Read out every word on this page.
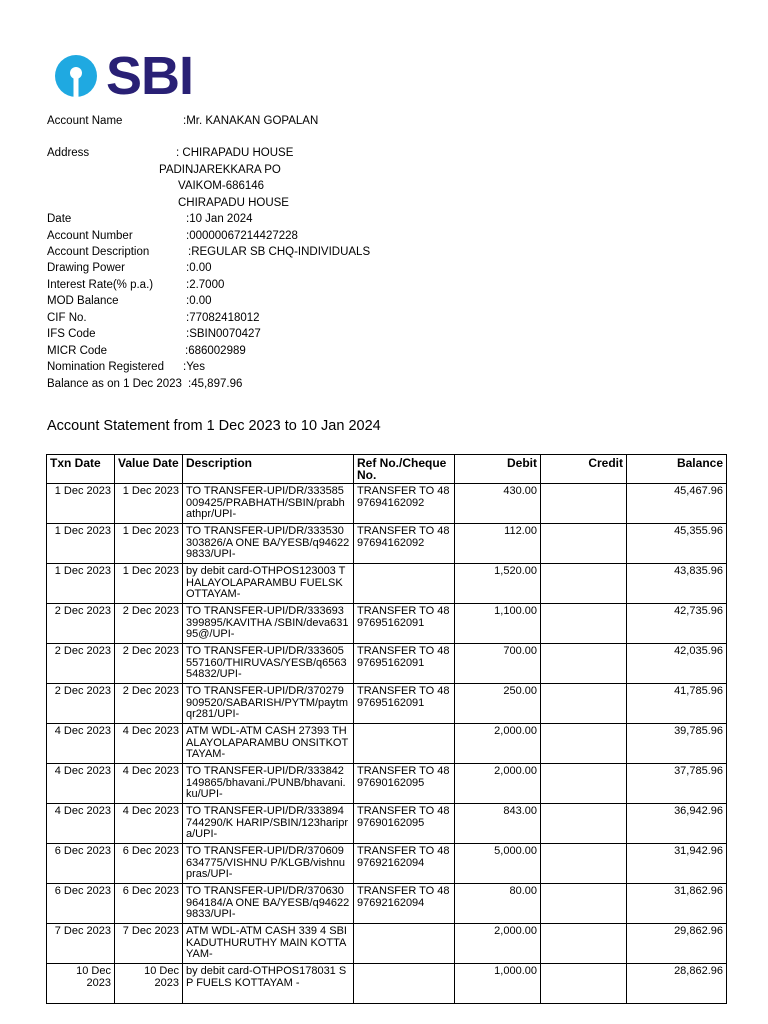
SBI
Account Name	:Mr. KANAKAN GOPALAN
Address	: CHIRAPADU HOUSE
PADINJAREKKARA PO
VAIKOM-686146
CHIRAPADU HOUSE
Date	:10 Jan 2024
Account Number	:00000067214427228
Account Description	:REGULAR SB CHQ-INDIVIDUALS
Drawing Power	:0.00
Interest Rate(% p.a.)	:2.7000
MOD Balance	:0.00
CIF No.	:77082418012
IFS Code	:SBIN0070427
MICR Code	:686002989
Nomination Registered :Yes
Balance as on 1 Dec 2023 :45,897.96
Account Statement from 1 Dec 2023 to 10 Jan 2024
Txn Date	Value Date	Description	Ref No./Cheque No.	Debit	Credit	Balance

1 Dec 2023	1 Dec 2023	TO TRANSFER-UPI/DR/333585009425/PRABHATH/SBIN/prabhathpr/UPI-	TRANSFER TO 4897694162092	430.00		45,467.96

1 Dec 2023	1 Dec 2023	TO TRANSFER-UPI/DR/333530303826/A ONE BA/YESB/q946229833/UPI-	TRANSFER TO 4897694162092	112.00		45,355.96

1 Dec 2023	1 Dec 2023	by debit card-OTHPOS123003 THALAYOLAPARAMBU FUELSKOTTAYAM-		1,520.00		43,835.96

2 Dec 2023	2 Dec 2023	TO TRANSFER-UPI/DR/333693399895/KAVITHA /SBIN/deva63195@/UPI-	TRANSFER TO 4897695162091	1,100.00		42,735.96

2 Dec 2023	2 Dec 2023	TO TRANSFER-UPI/DR/333605557160/THIRUVAS/YESB/q656354832/UPI-	TRANSFER TO 4897695162091	700.00		42,035.96

2 Dec 2023	2 Dec 2023	TO TRANSFER-UPI/DR/370279909520/SABARISH/PYTM/paytmqr281/UPI-	TRANSFER TO 4897695162091	250.00		41,785.96

4 Dec 2023	4 Dec 2023	ATM WDL-ATM CASH 27393 THALAYOLAPARAMBU ONSITKOTTAYAM-		2,000.00		39,785.96

4 Dec 2023	4 Dec 2023	TO TRANSFER-UPI/DR/333842149865/bhavani./PUNB/bhavani.ku/UPI-	TRANSFER TO 4897690162095	2,000.00		37,785.96

4 Dec 2023	4 Dec 2023	TO TRANSFER-UPI/DR/333894744290/K HARIP/SBIN/123haripra/UPI-	TRANSFER TO 4897690162095	843.00		36,942.96

6 Dec 2023	6 Dec 2023	TO TRANSFER-UPI/DR/370609634775/VISHNU P/KLGB/vishnupras/UPI-	TRANSFER TO 4897692162094	5,000.00		31,942.96

6 Dec 2023	6 Dec 2023	TO TRANSFER-UPI/DR/370630964184/A ONE BA/YESB/q946229833/UPI-	TRANSFER TO 4897692162094	80.00		31,862.96

7 Dec 2023	7 Dec 2023	ATM WDL-ATM CASH 339 4 SBI KADUTHURUTHY MAIN KOTTAYAM-		2,000.00		29,862.96

10 Dec 2023	10 Dec 2023	by debit card-OTHPOS178031 SP FUELS KOTTAYAM -		1,000.00		28,862.96
